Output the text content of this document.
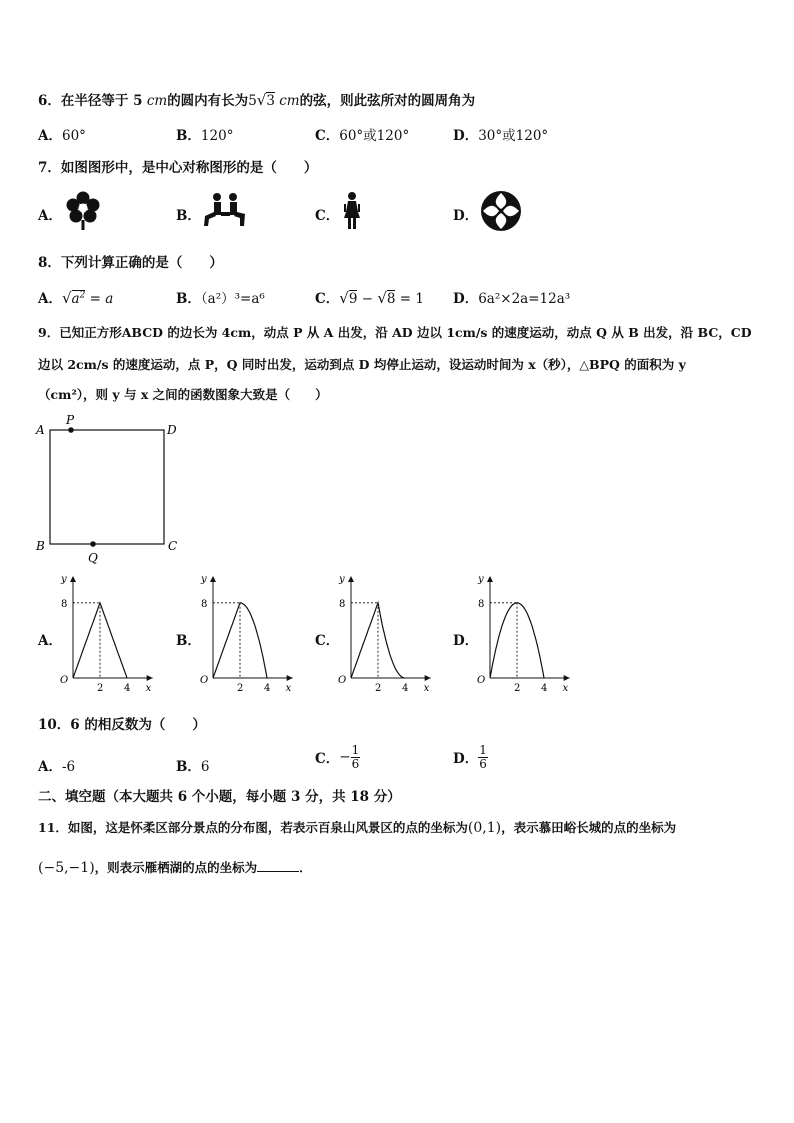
6．在半径等于 5 cm的圆内有长为5√3 cm的弦，则此弦所对的圆周角为
A．60°	B．120°	C．60°或120°	D．30°或120°
7．如图图形中，是中心对称图形的是（　　）
A．	B．	C．	D．
8．下列计算正确的是（　　）
A．$√a^2 = a$	B．（a²）³=a⁶	C．√9 − √8 = 1 D．6a²×2a=12a³
9．已知正方形ABCD 的边长为 4cm，动点 P 从 A 出发，沿 AD 边以 1cm/s 的速度运动，动点 Q 从 B 出发，沿 BC，CD
边以 2cm/s 的速度运动，点 P，Q 同时出发，运动到点 D 均停止运动，设运动时间为 x（秒），△BPQ 的面积为 y
（cm²），则 y 与 x 之间的函数图象大致是（　　）
A	D
B	C
P
Q
A．	B．	C．	D．
y
8
O
2 4 x
y
8
O
2 4 x
y
8
O
2 4 x
y
8
O
2 4 x
10．6 的相反数为（　　）
A．-6	B．6	C．− $\frac{1}{6}$	D． $\frac{1}{6}$
二、填空题（本大题共 6 个小题，每小题 3 分，共 18 分）
11．如图，这是怀柔区部分景点的分布图，若表示百泉山风景区的点的坐标为(0,1)，表示慕田峪长城的点的坐标为
(−5,−1)，则表示雁栖湖的点的坐标为	．
